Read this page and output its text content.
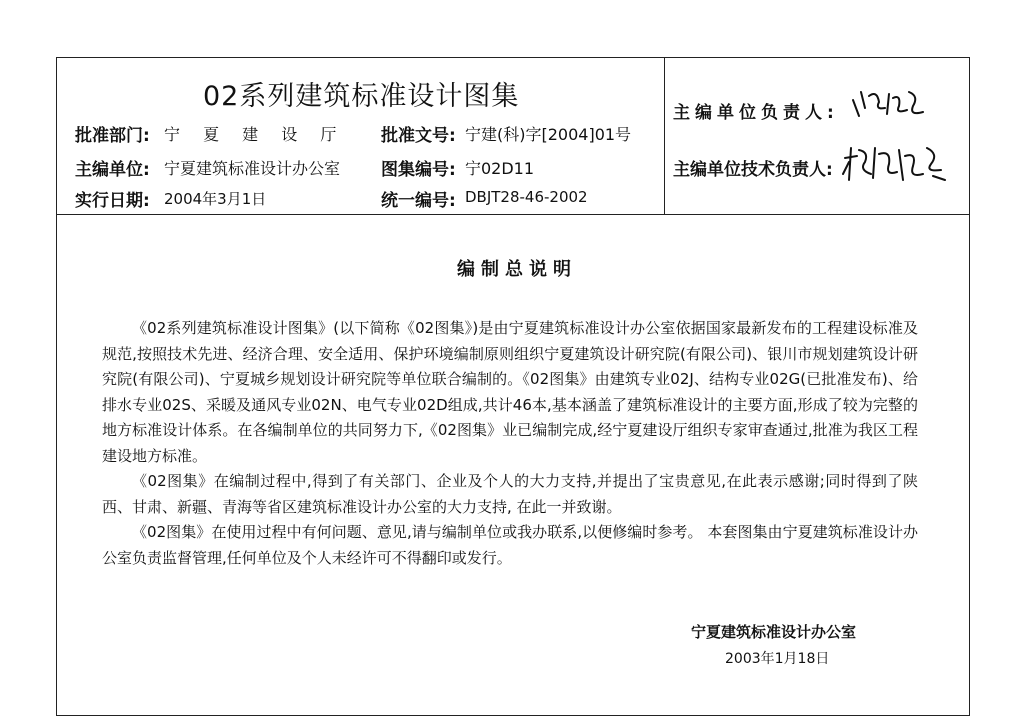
02系列建筑标准设计图集
批准部门: 宁 夏 建 设 厅 批准文号: 宁建(科)字[2004]01号
主编单位: 宁夏建筑标准设计办公室 图集编号: 宁02D11
实行日期: 2004年3月1日	统一编号: DBJT28-46-2002
主编单位负责人:
主编单位技术负责人:
编制总说明

《02系列建筑标准设计图集》(以下简称《02图集》)是由宁夏建筑标准设计办公室依据国家最新发布的工程建设标准及规范,按照技术先进、经济合理、安全适用、保护环境编制原则组织宁夏建筑设计研究院(有限公司)、银川市规划建筑设计研究院(有限公司)、宁夏城乡规划设计研究院等单位联合编制的。《02图集》由建筑专业02J、结构专业02G(已批准发布)、给排水专业02S、采暖及通风专业02N、电气专业02D组成,共计46本,基本涵盖了建筑标准设计的主要方面,形成了较为完整的地方标准设计体系。在各编制单位的共同努力下,《02图集》业已编制完成,经宁夏建设厅组织专家审查通过,批准为我区工程建设地方标准。

《02图集》在编制过程中,得到了有关部门、企业及个人的大力支持,并提出了宝贵意见,在此表示感谢;同时得到了陕西、甘肃、新疆、青海等省区建筑标准设计办公室的大力支持, 在此一并致谢。

《02图集》在使用过程中有何问题、意见,请与编制单位或我办联系,以便修编时参考。 本套图集由宁夏建筑标准设计办公室负责监督管理,任何单位及个人未经许可不得翻印或发行。

宁夏建筑标准设计办公室
2003年1月18日
